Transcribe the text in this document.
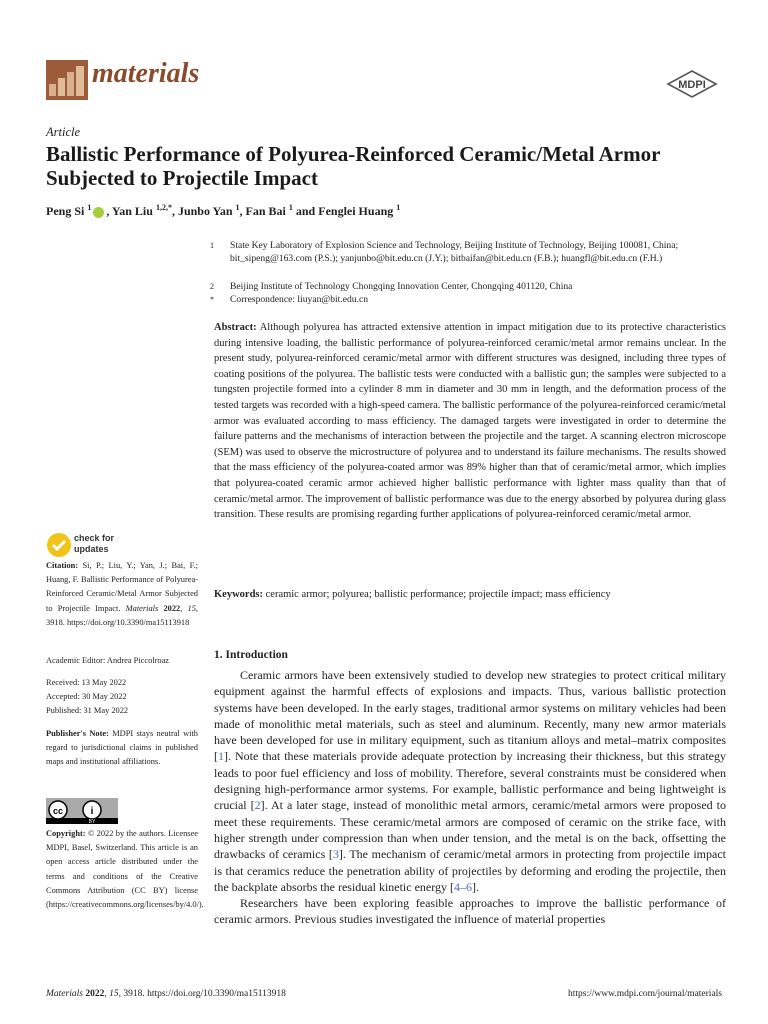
materials	MDPI
Article
Ballistic Performance of Polyurea-Reinforced Ceramic/Metal Armor Subjected to Projectile Impact
Peng Si $^1$ , Yan Liu $^{1,2,*}$, Junbo Yan $^1$, Fan Bai $^1$ and Fenglei Huang $^1$
1	State Key Laboratory of Explosion Science and Technology, Beijing Institute of Technology, Beijing 100081, China; bit_sipeng@163.com (P.S.); yanjunbo@bit.edu.cn (J.Y.); bitbaifan@bit.edu.cn (F.B.); huangfl@bit.edu.cn (F.H.)
2	Beijing Institute of Technology Chongqing Innovation Center, Chongqing 401120, China
*	Correspondence: liuyan@bit.edu.cn
Abstract: Although polyurea has attracted extensive attention in impact mitigation due to its protective characteristics during intensive loading, the ballistic performance of polyurea-reinforced ceramic/metal armor remains unclear. In the present study, polyurea-reinforced ceramic/metal armor with different structures was designed, including three types of coating positions of the polyurea. The ballistic tests were conducted with a ballistic gun; the samples were subjected to a tungsten projectile formed into a cylinder 8 mm in diameter and 30 mm in length, and the deformation process of the tested targets was recorded with a high-speed camera. The ballistic performance of the polyurea-reinforced ceramic/metal armor was evaluated according to mass efficiency. The damaged targets were investigated in order to determine the failure patterns and the mechanisms of interaction between the projectile and the target. A scanning electron microscope (SEM) was used to observe the microstructure of polyurea and to understand its failure mechanisms. The results showed that the mass efficiency of the polyurea-coated armor was 89% higher than that of ceramic/metal armor, which implies that polyurea-coated ceramic armor achieved higher ballistic performance with lighter mass quality than that of ceramic/metal armor. The improvement of ballistic performance was due to the energy absorbed by polyurea during glass transition. These results are promising regarding further applications of polyurea-reinforced ceramic/metal armor.
Keywords: ceramic armor; polyurea; ballistic performance; projectile impact; mass efficiency
1. Introduction

Ceramic armors have been extensively studied to develop new strategies to protect critical military equipment against the harmful effects of explosions and impacts. Thus, various ballistic protection systems have been developed. In the early stages, traditional armor systems on military vehicles had been made of monolithic metal materials, such as steel and aluminum. Recently, many new armor materials have been developed for use in military equipment, such as titanium alloys and metal–matrix composites [1]. Note that these materials provide adequate protection by increasing their thickness, but this strategy leads to poor fuel efficiency and loss of mobility. Therefore, several constraints must be considered when designing high-performance armor systems. For example, ballistic performance and being lightweight is crucial [2]. At a later stage, instead of monolithic metal armors, ceramic/metal armors were proposed to meet these requirements. These ceramic/metal armors are composed of ceramic on the strike face, with higher strength under compression than when under tension, and the metal is on the back, offsetting the drawbacks of ceramics [3]. The mechanism of ceramic/metal armors in protecting from projectile impact is that ceramics reduce the penetration ability of projectiles by deforming and eroding the projectile, then the backplate absorbs the residual kinetic energy [4–6].

Researchers have been exploring feasible approaches to improve the ballistic performance of ceramic armors. Previous studies investigated the influence of material properties

check for
updates
Citation: Si, P.; Liu, Y.; Yan, J.; Bai, F.; Huang, F. Ballistic Performance of Polyurea-Reinforced Ceramic/Metal Armor Subjected to Projectile Impact. Materials 2022, 15, 3918. https://doi.org/10.3390/ma15113918
Academic Editor: Andrea Piccolroaz
Received: 13 May 2022
Accepted: 30 May 2022
Published: 31 May 2022
Publisher's Note: MDPI stays neutral with regard to jurisdictional claims in published maps and institutional affiliations.
cc	i
BY
Copyright: © 2022 by the authors. Licensee MDPI, Basel, Switzerland. This article is an open access article distributed under the terms and conditions of the Creative Commons Attribution (CC BY) license (https://creativecommons.org/licenses/by/4.0/).
Materials 2022, 15, 3918. https://doi.org/10.3390/ma15113918	https://www.mdpi.com/journal/materials
